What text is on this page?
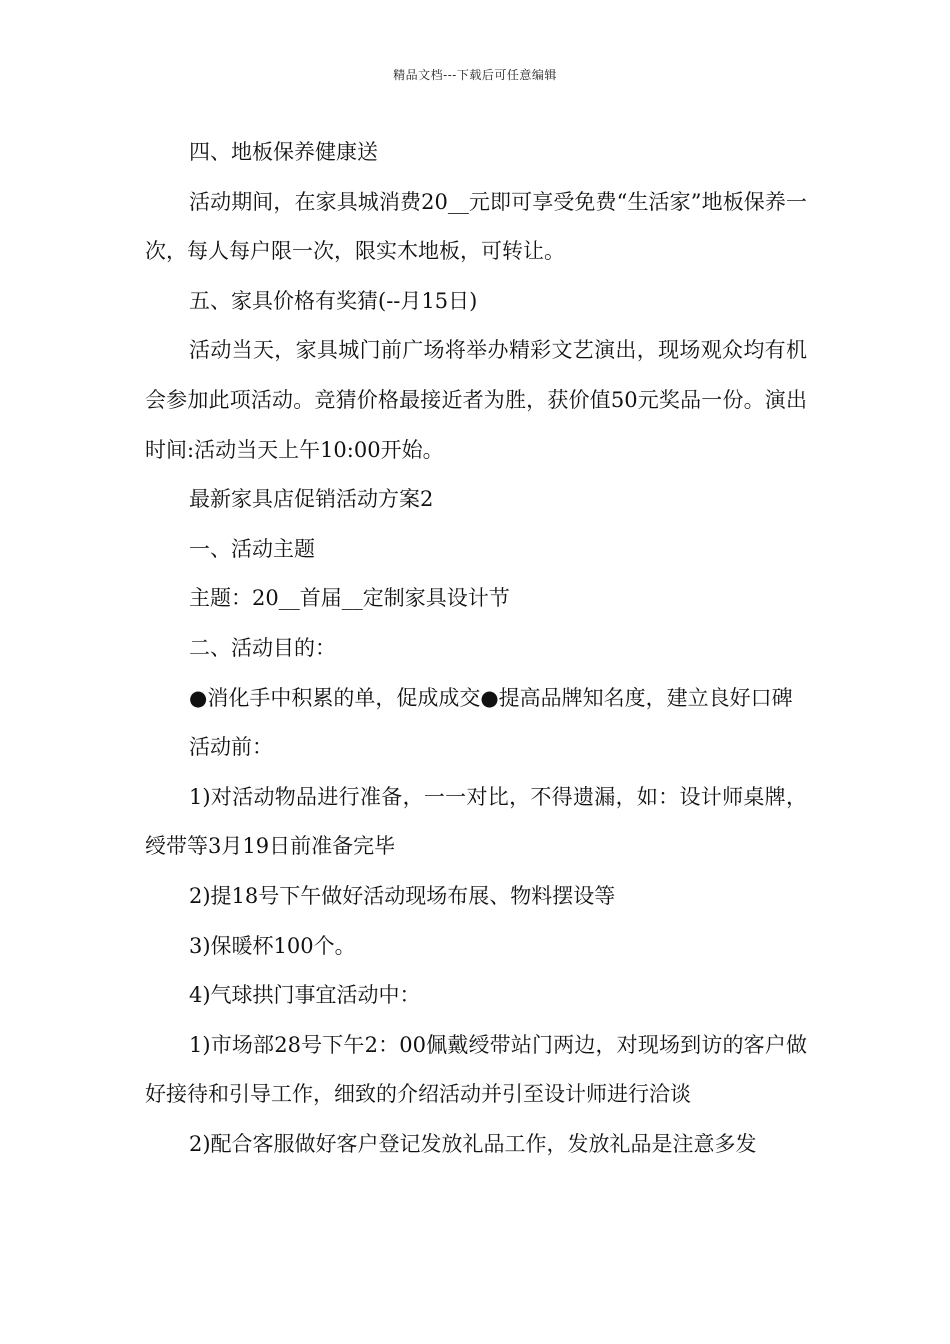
精品文档---下载后可任意编辑

四、地板保养健康送

活动期间，在家具城消费20__元即可享受免费“生活家”地板保养一次，每人每户限一次，限实木地板，可转让。

五、家具价格有奖猜(--月15日)

活动当天，家具城门前广场将举办精彩文艺演出，现场观众均有机会参加此项活动。竞猜价格最接近者为胜，获价值50元奖品一份。演出时间:活动当天上午10:00开始。

最新家具店促销活动方案2

一、活动主题

主题：20__首届__定制家具设计节

二、活动目的：

●消化手中积累的单，促成成交●提高品牌知名度，建立良好口碑

活动前：

1)对活动物品进行准备，一一对比，不得遗漏，如：设计师桌牌，绶带等3月19日前准备完毕

2)提18号下午做好活动现场布展、物料摆设等

3)保暖杯100个。

4)气球拱门事宜活动中：

1)市场部28号下午2：00佩戴绶带站门两边，对现场到访的客户做好接待和引导工作，细致的介绍活动并引至设计师进行洽谈

2)配合客服做好客户登记发放礼品工作，发放礼品是注意多发
